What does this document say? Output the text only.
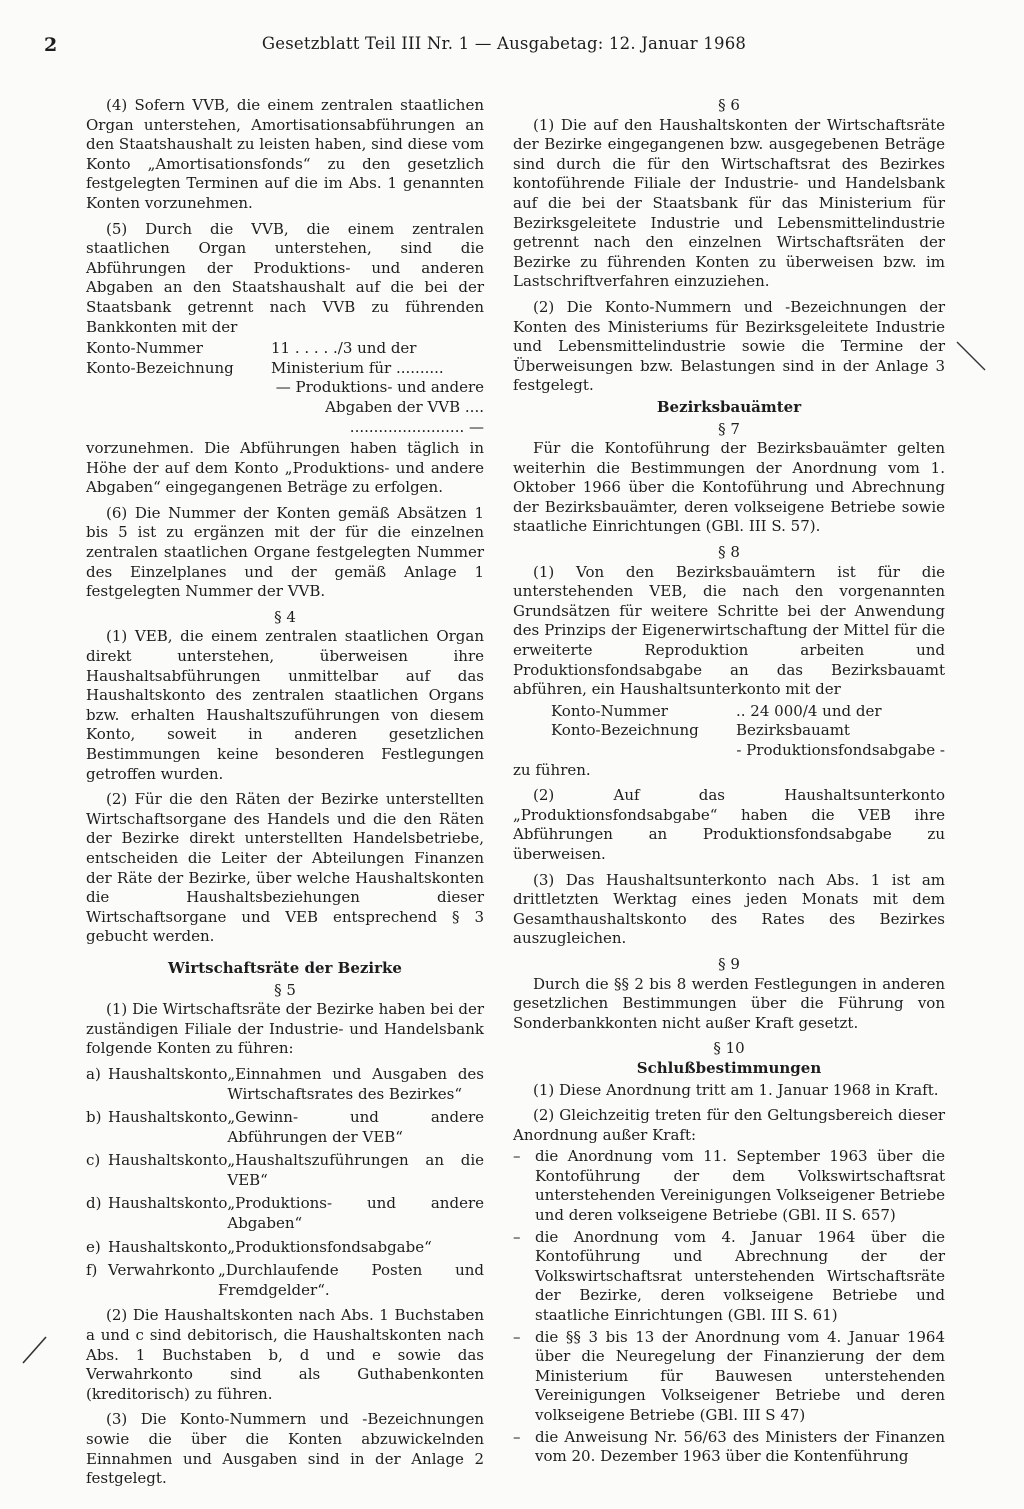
2	Gesetzblatt Teil III Nr. 1 — Ausgabetag: 12. Januar 1968

(4) Sofern VVB, die einem zentralen staatlichen Organ unterstehen, Amortisationsabführungen an den Staatshaushalt zu leisten haben, sind diese vom Konto „Amortisationsfonds“ zu den gesetzlich festgelegten Terminen auf die im Abs. 1 genannten Konten vorzunehmen.

(5) Durch die VVB, die einem zentralen staatlichen Organ unterstehen, sind die Abführungen der Produktions- und anderen Abgaben an den Staatshaushalt auf die bei der Staatsbank getrennt nach VVB zu führenden Bankkonten mit der

Konto-Nummer	11 . . . . ./3 und der
Konto-Bezeichnung	Ministerium für ..........
— Produktions- und andere
Abgaben der VVB ....
........................ —

vorzunehmen. Die Abführungen haben täglich in Höhe der auf dem Konto „Produktions- und andere Abgaben“ eingegangenen Beträge zu erfolgen.

(6) Die Nummer der Konten gemäß Absätzen 1 bis 5 ist zu ergänzen mit der für die einzelnen zentralen staatlichen Organe festgelegten Nummer des Einzelplanes und der gemäß Anlage 1 festgelegten Nummer der VVB.

§ 4

(1) VEB, die einem zentralen staatlichen Organ direkt unterstehen, überweisen ihre Haushaltsabführungen unmittelbar auf das Haushaltskonto des zentralen staatlichen Organs bzw. erhalten Haushaltszuführungen von diesem Konto, soweit in anderen gesetzlichen Bestimmungen keine besonderen Festlegungen getroffen wurden.

(2) Für die den Räten der Bezirke unterstellten Wirtschaftsorgane des Handels und die den Räten der Bezirke direkt unterstellten Handelsbetriebe, entscheiden die Leiter der Abteilungen Finanzen der Räte der Bezirke, über welche Haushaltskonten die Haushaltsbeziehungen dieser Wirtschaftsorgane und VEB entsprechend § 3 gebucht werden.

Wirtschaftsräte der Bezirke

§ 5

(1) Die Wirtschaftsräte der Bezirke haben bei der zuständigen Filiale der Industrie- und Handelsbank folgende Konten zu führen:

a) Haushaltskonto „Einnahmen und Ausgaben des Wirtschaftsrates des Bezirkes“
b) Haushaltskonto „Gewinn- und andere Abführungen der VEB“
c) Haushaltskonto „Haushaltszuführungen an die VEB“
d) Haushaltskonto „Produktions- und andere Abgaben“
e) Haushaltskonto „Produktionsfondsabgabe“
f) Verwahrkonto „Durchlaufende Posten und Fremdgelder“.

(2) Die Haushaltskonten nach Abs. 1 Buchstaben a und c sind debitorisch, die Haushaltskonten nach Abs. 1 Buchstaben b, d und e sowie das Verwahrkonto sind als Guthabenkonten (kreditorisch) zu führen.

(3) Die Konto-Nummern und -Bezeichnungen sowie die über die Konten abzuwickelnden Einnahmen und Ausgaben sind in der Anlage 2 festgelegt.

§ 6

(1) Die auf den Haushaltskonten der Wirtschaftsräte der Bezirke eingegangenen bzw. ausgegebenen Beträge sind durch die für den Wirtschaftsrat des Bezirkes kontoführende Filiale der Industrie- und Handelsbank auf die bei der Staatsbank für das Ministerium für Bezirksgeleitete Industrie und Lebensmittelindustrie getrennt nach den einzelnen Wirtschaftsräten der Bezirke zu führenden Konten zu überweisen bzw. im Lastschriftverfahren einzuziehen.

(2) Die Konto-Nummern und -Bezeichnungen der Konten des Ministeriums für Bezirksgeleitete Industrie und Lebensmittelindustrie sowie die Termine der Überweisungen bzw. Belastungen sind in der Anlage 3 festgelegt.

Bezirksbauämter

§ 7

Für die Kontoführung der Bezirksbauämter gelten weiterhin die Bestimmungen der Anordnung vom 1. Oktober 1966 über die Kontoführung und Abrechnung der Bezirksbauämter, deren volkseigene Betriebe sowie staatliche Einrichtungen (GBl. III S. 57).

§ 8

(1) Von den Bezirksbauämtern ist für die unterstehenden VEB, die nach den vorgenannten Grundsätzen für weitere Schritte bei der Anwendung des Prinzips der Eigenerwirtschaftung der Mittel für die erweiterte Reproduktion arbeiten und Produktionsfondsabgabe an das Bezirksbauamt abführen, ein Haushaltsunterkonto mit der

Konto-Nummer	.. 24 000/4 und der
Konto-Bezeichnung	Bezirksbauamt
- Produktionsfondsabgabe -

zu führen.

(2) Auf das Haushaltsunterkonto „Produktionsfondsabgabe“ haben die VEB ihre Abführungen an Produktionsfondsabgabe zu überweisen.

(3) Das Haushaltsunterkonto nach Abs. 1 ist am drittletzten Werktag eines jeden Monats mit dem Gesamthaushaltskonto des Rates des Bezirkes auszugleichen.

§ 9

Durch die §§ 2 bis 8 werden Festlegungen in anderen gesetzlichen Bestimmungen über die Führung von Sonderbankkonten nicht außer Kraft gesetzt.

§ 10

Schlußbestimmungen

(1) Diese Anordnung tritt am 1. Januar 1968 in Kraft.

(2) Gleichzeitig treten für den Geltungsbereich dieser Anordnung außer Kraft:

– die Anordnung vom 11. September 1963 über die Kontoführung der dem Volkswirtschaftsrat unterstehenden Vereinigungen Volkseigener Betriebe und deren volkseigene Betriebe (GBl. II S. 657)
– die Anordnung vom 4. Januar 1964 über die Kontoführung und Abrechnung der der Volkswirtschaftsrat unterstehenden Wirtschaftsräte der Bezirke, deren volkseigene Betriebe und staatliche Einrichtungen (GBl. III S. 61)
– die §§ 3 bis 13 der Anordnung vom 4. Januar 1964 über die Neuregelung der Finanzierung der dem Ministerium für Bauwesen unterstehenden Vereinigungen Volkseigener Betriebe und deren volkseigene Betriebe (GBl. III S 47)
– die Anweisung Nr. 56/63 des Ministers der Finanzen vom 20. Dezember 1963 über die Kontenführung
